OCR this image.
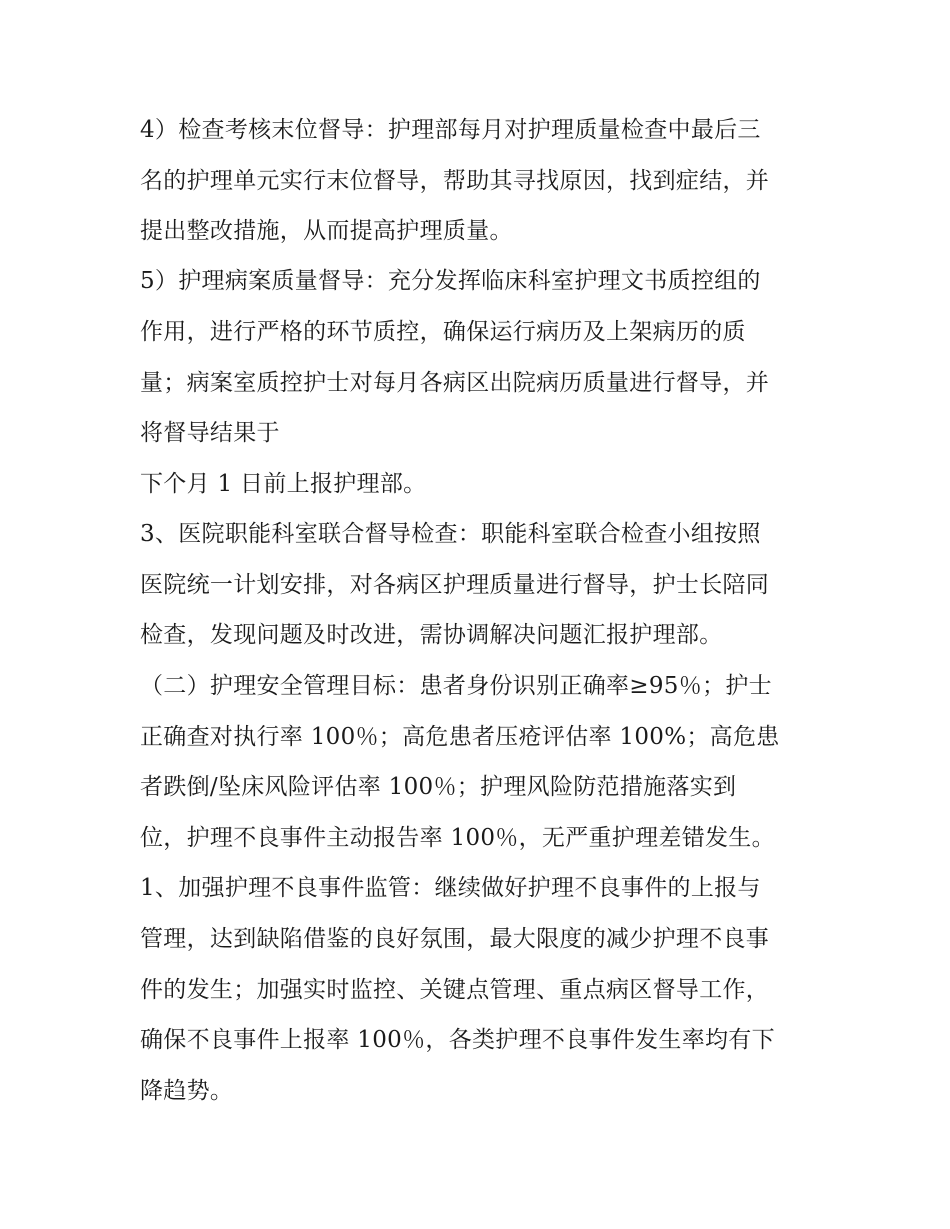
4）检查考核末位督导：护理部每月对护理质量检查中最后三
名的护理单元实行末位督导，帮助其寻找原因，找到症结，并
提出整改措施，从而提高护理质量。
5）护理病案质量督导：充分发挥临床科室护理文书质控组的
作用，进行严格的环节质控，确保运行病历及上架病历的质
量；病案室质控护士对每月各病区出院病历质量进行督导，并
将督导结果于
下个月 1 日前上报护理部。
3、医院职能科室联合督导检查：职能科室联合检查小组按照
医院统一计划安排，对各病区护理质量进行督导，护士长陪同
检查，发现问题及时改进，需协调解决问题汇报护理部。
（二）护理安全管理目标：患者身份识别正确率≥95％；护士
正确查对执行率 100％；高危患者压疮评估率 100%；高危患
者跌倒/坠床风险评估率 100％；护理风险防范措施落实到
位，护理不良事件主动报告率 100％，无严重护理差错发生。
1、加强护理不良事件监管：继续做好护理不良事件的上报与
管理，达到缺陷借鉴的良好氛围，最大限度的减少护理不良事
件的发生；加强实时监控、关键点管理、重点病区督导工作，
确保不良事件上报率 100％，各类护理不良事件发生率均有下
降趋势。
